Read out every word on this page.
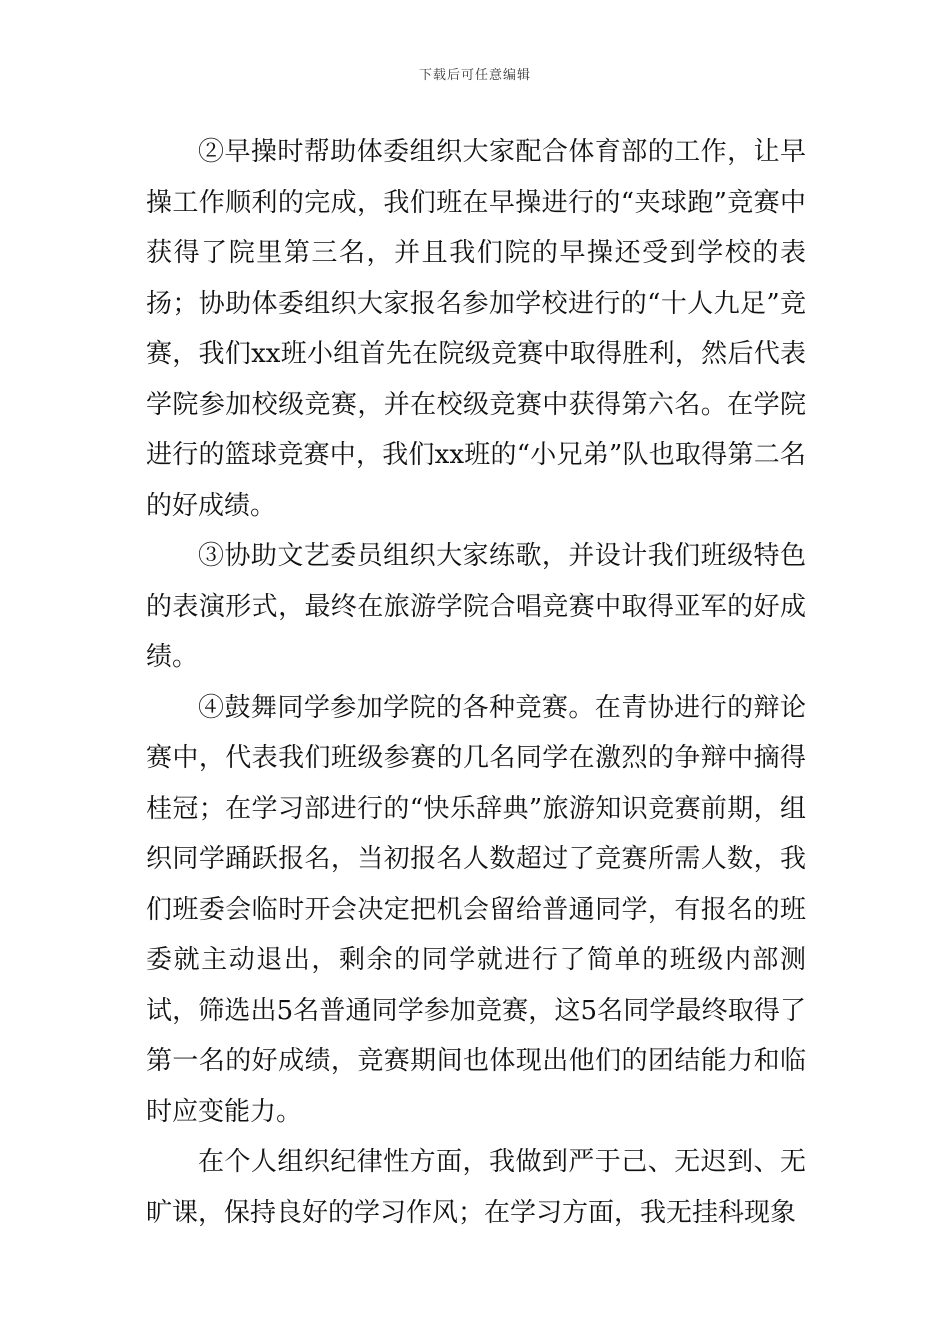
下载后可任意编辑

②早操时帮助体委组织大家配合体育部的工作，让早操工作顺利的完成，我们班在早操进行的“夹球跑”竞赛中获得了院里第三名，并且我们院的早操还受到学校的表扬；协助体委组织大家报名参加学校进行的“十人九足”竞赛，我们xx班小组首先在院级竞赛中取得胜利，然后代表学院参加校级竞赛，并在校级竞赛中获得第六名。在学院进行的篮球竞赛中，我们xx班的“小兄弟”队也取得第二名的好成绩。

③协助文艺委员组织大家练歌，并设计我们班级特色的表演形式，最终在旅游学院合唱竞赛中取得亚军的好成绩。

④鼓舞同学参加学院的各种竞赛。在青协进行的辩论赛中，代表我们班级参赛的几名同学在激烈的争辩中摘得桂冠；在学习部进行的“快乐辞典”旅游知识竞赛前期，组织同学踊跃报名，当初报名人数超过了竞赛所需人数，我们班委会临时开会决定把机会留给普通同学，有报名的班委就主动退出，剩余的同学就进行了简单的班级内部测试，筛选出5名普通同学参加竞赛，这5名同学最终取得了第一名的好成绩，竞赛期间也体现出他们的团结能力和临时应变能力。

在个人组织纪律性方面，我做到严于己、无迟到、无旷课，保持良好的学习作风；在学习方面，我无挂科现象
